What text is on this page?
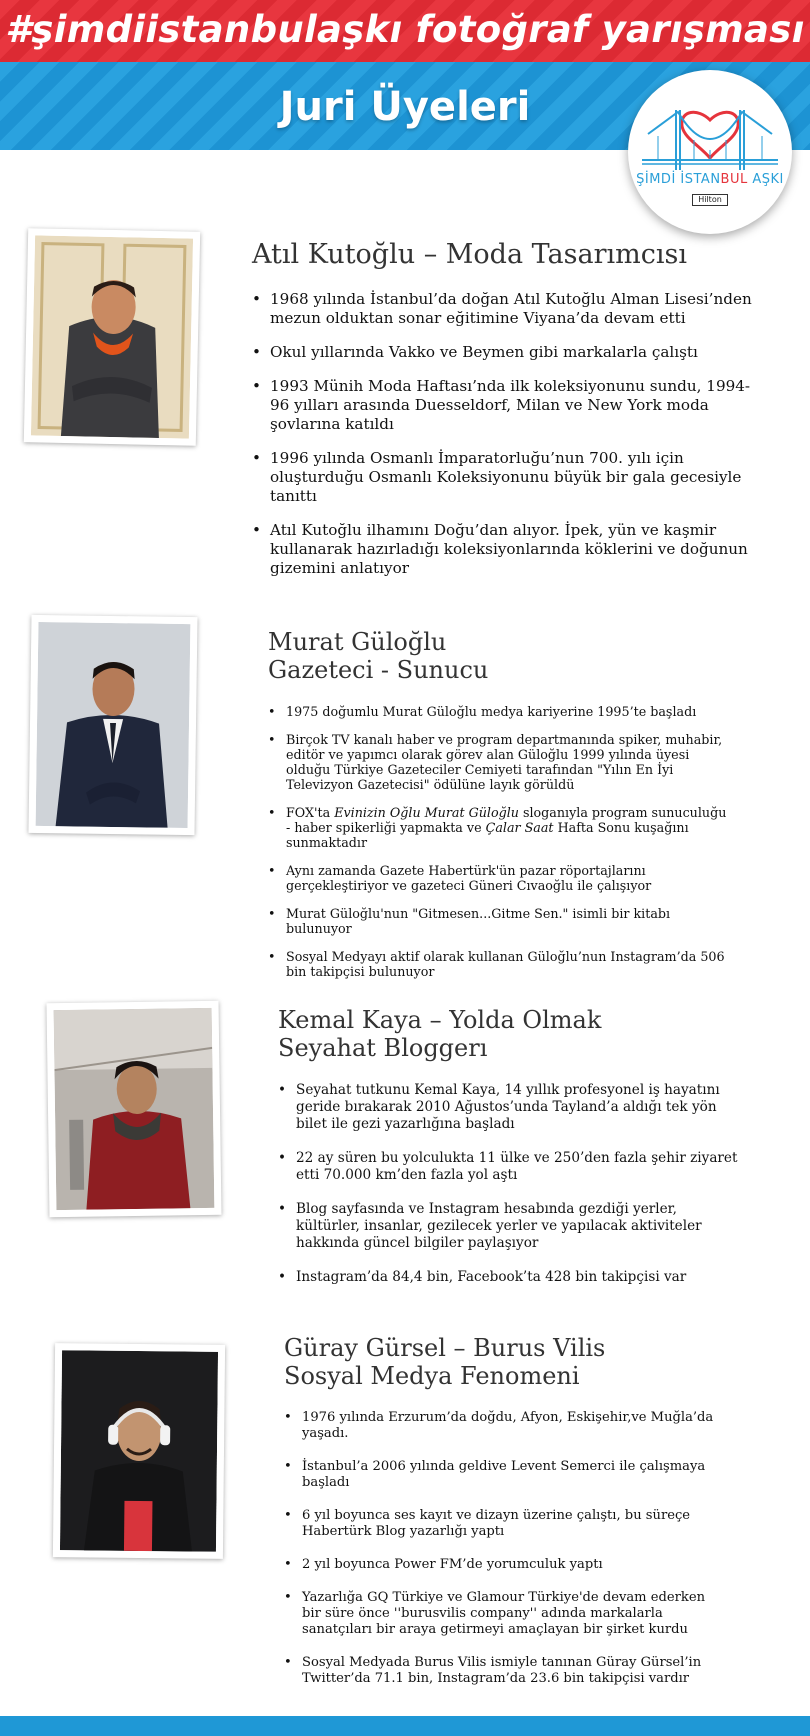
#şimdiistanbulaşkı fotoğraf yarışması
Juri Üyeleri
ŞİMDİ İSTANBUL AŞKI
Hilton
Atıl Kutoğlu – Moda Tasarımcısı
• 1968 yılında İstanbul’da doğan Atıl Kutoğlu Alman Lisesi’nden mezun olduktan sonar eğitimine Viyana’da devam etti
• Okul yıllarında Vakko ve Beymen gibi markalarla çalıştı
• 1993 Münih Moda Haftası’nda ilk koleksiyonunu sundu, 1994-96 yılları arasında Duesseldorf, Milan ve New York moda şovlarına katıldı
• 1996 yılında Osmanlı İmparatorluğu’nun 700. yılı için oluşturduğu Osmanlı Koleksiyonunu büyük bir gala gecesiyle tanıttı
• Atıl Kutoğlu ilhamını Doğu’dan alıyor. İpek, yün ve kaşmir kullanarak hazırladığı koleksiyonlarında köklerini ve doğunun gizemini anlatıyor
Murat Güloğlu
Gazeteci - Sunucu
• 1975 doğumlu Murat Güloğlu medya kariyerine 1995’te başladı
• Birçok TV kanalı haber ve program departmanında spiker, muhabir, editör ve yapımcı olarak görev alan Güloğlu 1999 yılında üyesi olduğu Türkiye Gazeteciler Cemiyeti tarafından "Yılın En İyi Televizyon Gazetecisi" ödülüne layık görüldü
• FOX'ta Evinizin Oğlu Murat Güloğlu sloganıyla program sunuculuğu - haber spikerliği yapmakta ve Çalar Saat Hafta Sonu kuşağını sunmaktadır
• Aynı zamanda Gazete Habertürk'ün pazar röportajlarını gerçekleştiriyor ve gazeteci Güneri Cıvaoğlu ile çalışıyor
• Murat Güloğlu'nun "Gitmesen...Gitme Sen." isimli bir kitabı bulunuyor
• Sosyal Medyayı aktif olarak kullanan Güloğlu’nun Instagram’da 506 bin takipçisi bulunuyor
Kemal Kaya – Yolda Olmak
Seyahat Bloggerı
• Seyahat tutkunu Kemal Kaya, 14 yıllık profesyonel iş hayatını geride bırakarak 2010 Ağustos’unda Tayland’a aldığı tek yön bilet ile gezi yazarlığına başladı
• 22 ay süren bu yolculukta 11 ülke ve 250’den fazla şehir ziyaret etti 70.000 km’den fazla yol aştı
• Blog sayfasında ve Instagram hesabında gezdiği yerler, kültürler, insanlar, gezilecek yerler ve yapılacak aktiviteler hakkında güncel bilgiler paylaşıyor
• Instagram’da 84,4 bin, Facebook’ta 428 bin takipçisi var
Güray Gürsel – Burus Vilis
Sosyal Medya Fenomeni
• 1976 yılında Erzurum’da doğdu, Afyon, Eskişehir,ve Muğla’da yaşadı.
• İstanbul’a 2006 yılında geldive Levent Semerci ile çalışmaya başladı
• 6 yıl boyunca ses kayıt ve dizayn üzerine çalıştı, bu süreçe Habertürk Blog yazarlığı yaptı
• 2 yıl boyunca Power FM’de yorumculuk yaptı
• Yazarlığa GQ Türkiye ve Glamour Türkiye'de devam ederken bir süre önce ''burusvilis company'' adında markalarla sanatçıları bir araya getirmeyi amaçlayan bir şirket kurdu
• Sosyal Medyada Burus Vilis ismiyle tanınan Güray Gürsel’in Twitter’da 71.1 bin, Instagram’da 23.6 bin takipçisi vardır
